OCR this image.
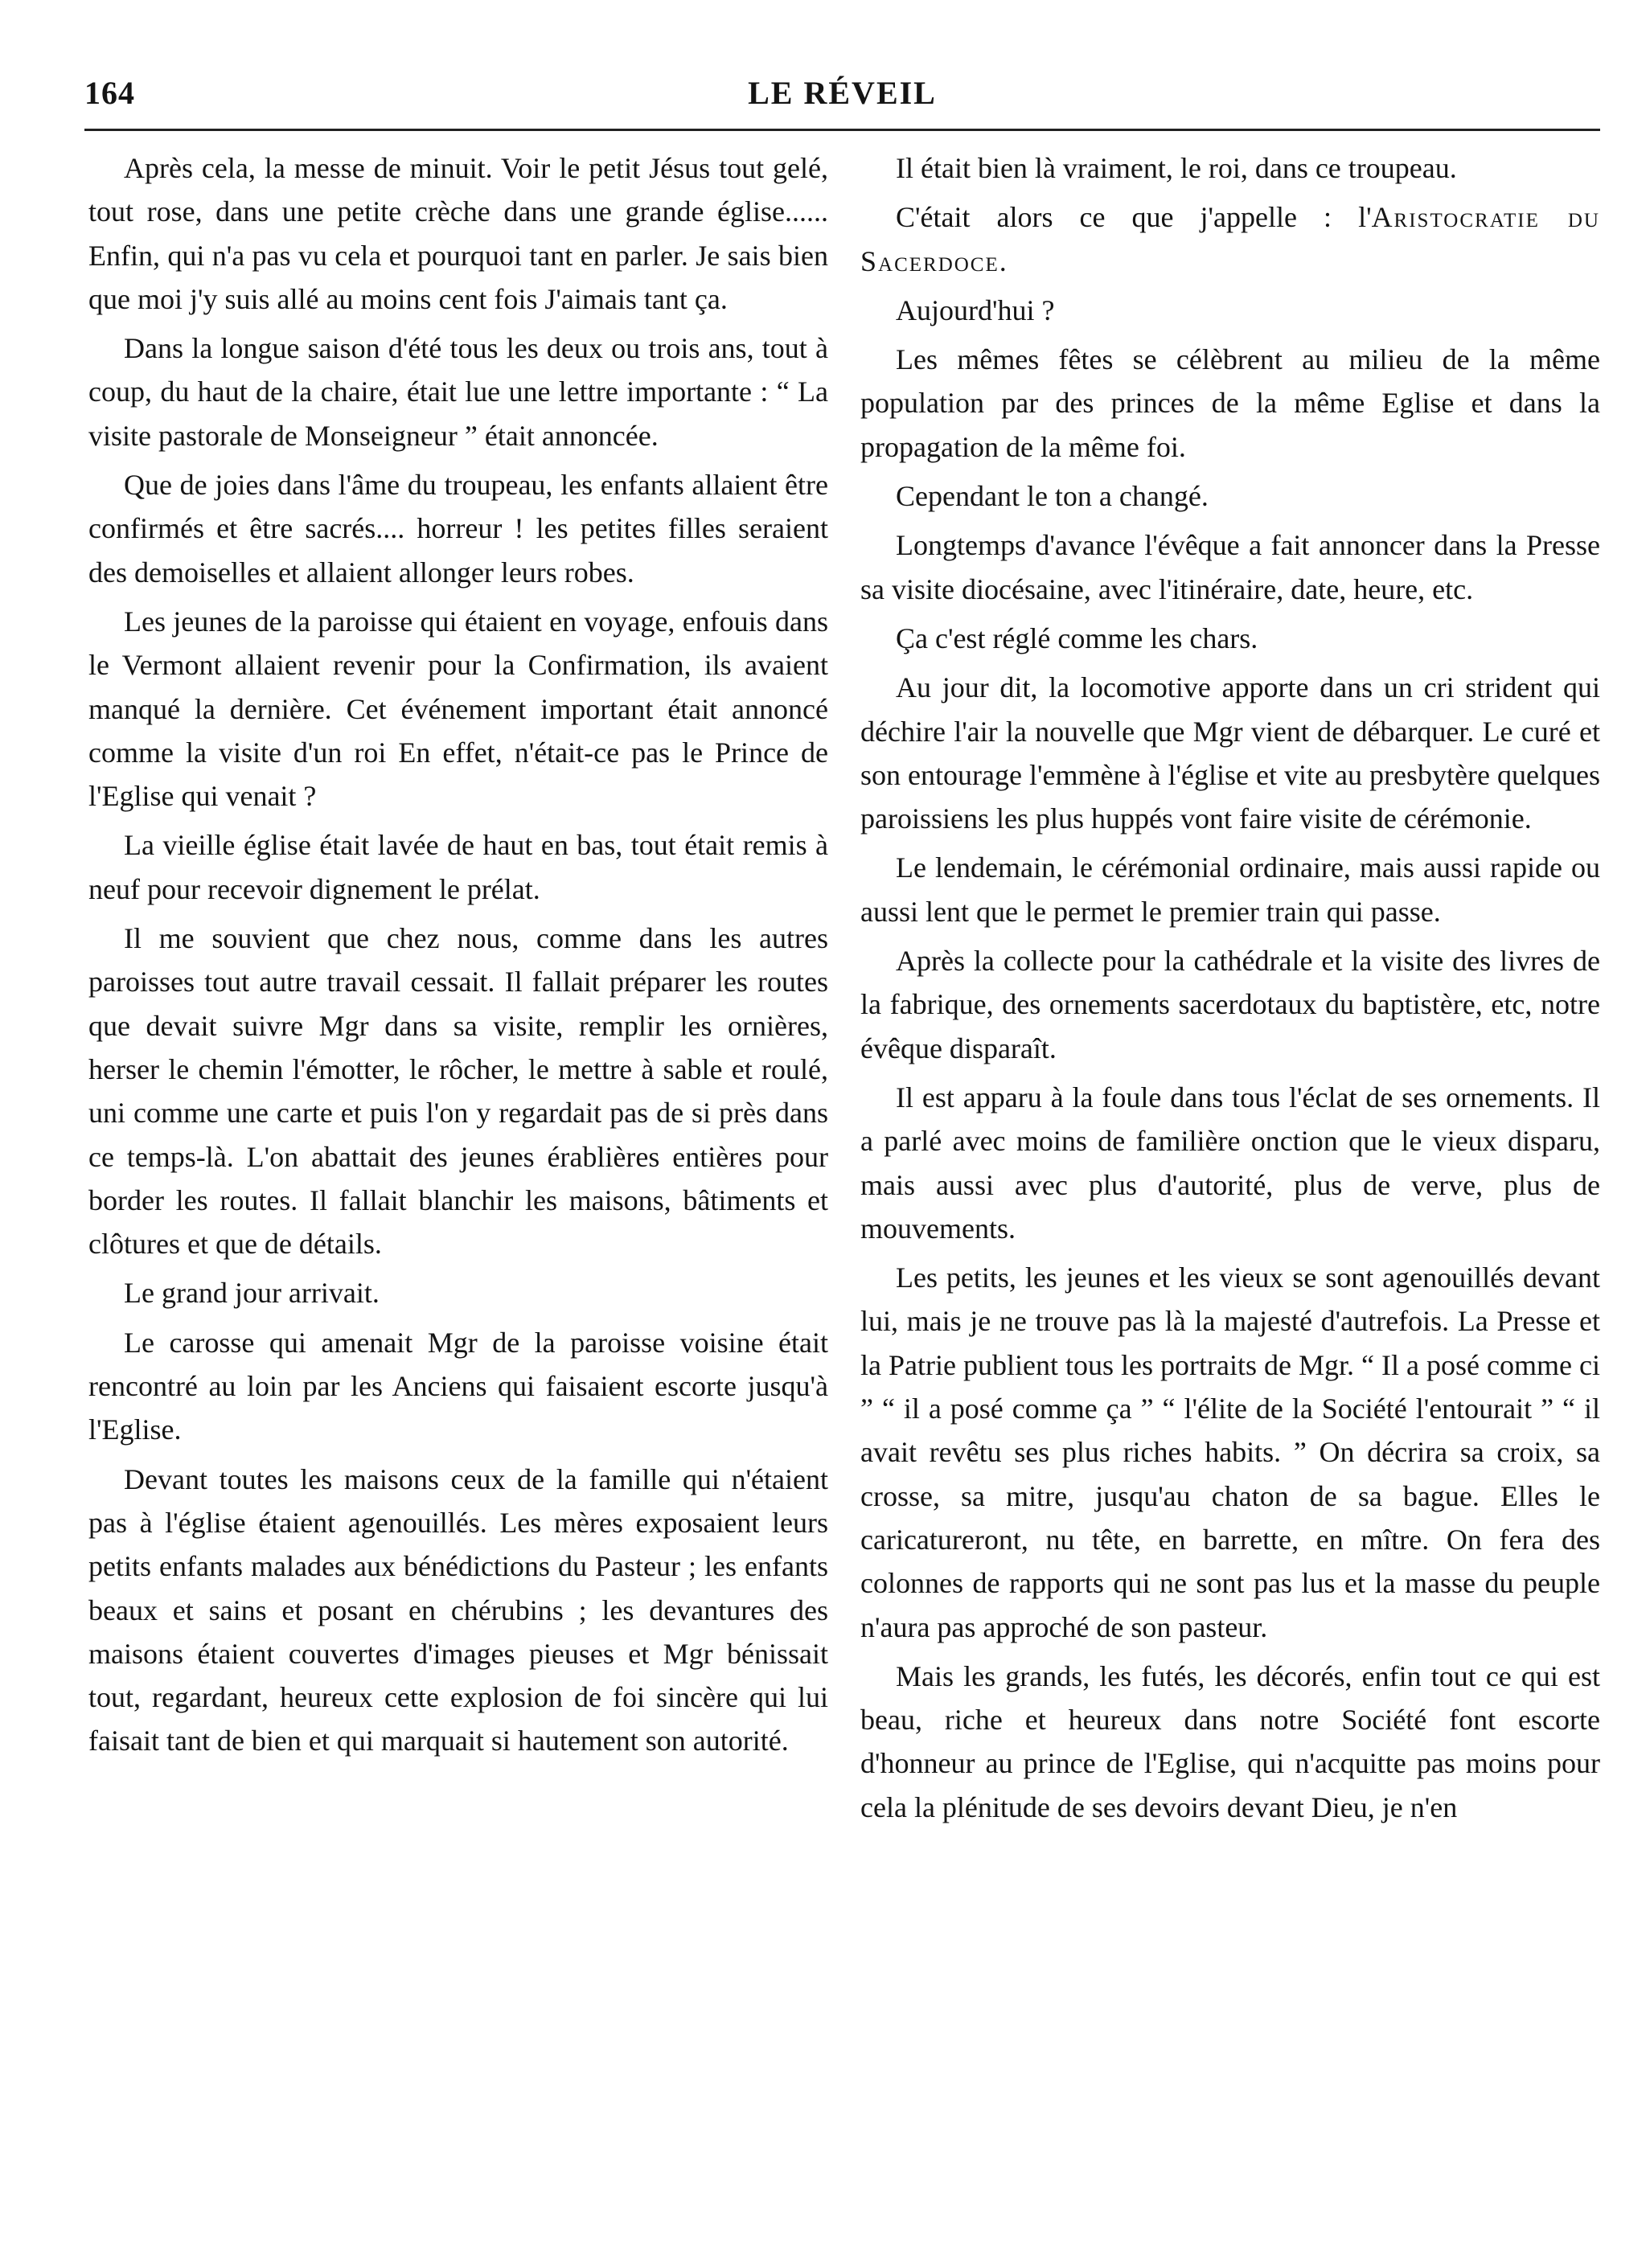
164	LE RÉVEIL

Après cela, la messe de minuit. Voir le petit Jésus tout gelé, tout rose, dans une petite crèche dans une grande église...... Enfin, qui n'a pas vu cela et pourquoi tant en parler. Je sais bien que moi j'y suis allé au moins cent fois J'aimais tant ça.

Dans la longue saison d'été tous les deux ou trois ans, tout à coup, du haut de la chaire, était lue une lettre importante : “ La visite pastorale de Monseigneur ” était annoncée.

Que de joies dans l'âme du troupeau, les enfants allaient être confirmés et être sacrés.... horreur ! les petites filles seraient des demoiselles et allaient allonger leurs robes.

Les jeunes de la paroisse qui étaient en voyage, enfouis dans le Vermont allaient revenir pour la Confirmation, ils avaient manqué la dernière. Cet événement important était annoncé comme la visite d'un roi En effet, n'était-ce pas le Prince de l'Eglise qui venait ?

La vieille église était lavée de haut en bas, tout était remis à neuf pour recevoir dignement le prélat.

Il me souvient que chez nous, comme dans les autres paroisses tout autre travail cessait. Il fallait préparer les routes que devait suivre Mgr dans sa visite, remplir les ornières, herser le chemin l'émotter, le rôcher, le mettre à sable et roulé, uni comme une carte et puis l'on y regardait pas de si près dans ce temps-là. L'on abattait des jeunes érablières entières pour border les routes. Il fallait blanchir les maisons, bâtiments et clôtures et que de détails.

Le grand jour arrivait.

Le carosse qui amenait Mgr de la paroisse voisine était rencontré au loin par les Anciens qui faisaient escorte jusqu'à l'Eglise.

Devant toutes les maisons ceux de la famille qui n'étaient pas à l'église étaient agenouillés. Les mères exposaient leurs petits enfants malades aux bénédictions du Pasteur ; les enfants beaux et sains et posant en chérubins ; les devantures des maisons étaient couvertes d'images pieuses et Mgr bénissait tout, regardant, heureux cette explosion de foi sincère qui lui faisait tant de bien et qui marquait si hautement son autorité.

Il était bien là vraiment, le roi, dans ce troupeau.

C'était alors ce que j'appelle : l'Aristocratie du Sacerdoce.

Aujourd'hui ?

Les mêmes fêtes se célèbrent au milieu de la même population par des princes de la même Eglise et dans la propagation de la même foi.

Cependant le ton a changé.

Longtemps d'avance l'évêque a fait annoncer dans la Presse sa visite diocésaine, avec l'itinéraire, date, heure, etc.

Ça c'est réglé comme les chars.

Au jour dit, la locomotive apporte dans un cri strident qui déchire l'air la nouvelle que Mgr vient de débarquer. Le curé et son entourage l'emmène à l'église et vite au presbytère quelques paroissiens les plus huppés vont faire visite de cérémonie.

Le lendemain, le cérémonial ordinaire, mais aussi rapide ou aussi lent que le permet le premier train qui passe.

Après la collecte pour la cathédrale et la visite des livres de la fabrique, des ornements sacerdotaux du baptistère, etc, notre évêque disparaît.

Il est apparu à la foule dans tous l'éclat de ses ornements. Il a parlé avec moins de familière onction que le vieux disparu, mais aussi avec plus d'autorité, plus de verve, plus de mouvements.

Les petits, les jeunes et les vieux se sont agenouillés devant lui, mais je ne trouve pas là la majesté d'autrefois. La Presse et la Patrie publient tous les portraits de Mgr. “ Il a posé comme ci ” “ il a posé comme ça ” “ l'élite de la Société l'entourait ” “ il avait revêtu ses plus riches habits. ” On décrira sa croix, sa crosse, sa mitre, jusqu'au chaton de sa bague. Elles le caricatureront, nu tête, en barrette, en mître. On fera des colonnes de rapports qui ne sont pas lus et la masse du peuple n'aura pas approché de son pasteur.

Mais les grands, les futés, les décorés, enfin tout ce qui est beau, riche et heureux dans notre Société font escorte d'honneur au prince de l'Eglise, qui n'acquitte pas moins pour cela la plénitude de ses devoirs devant Dieu, je n'en
